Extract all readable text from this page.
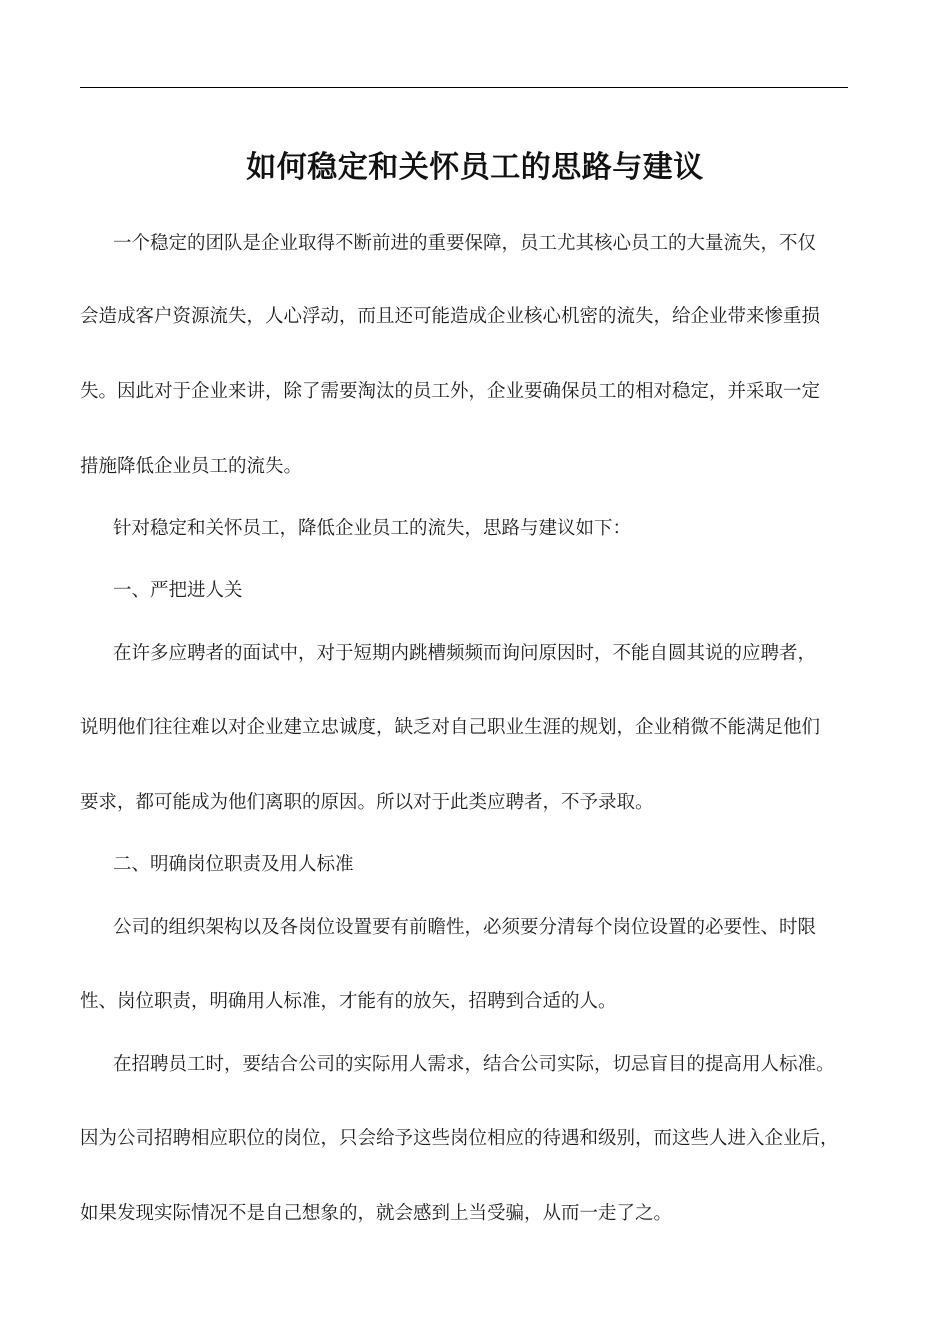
如何稳定和关怀员工的思路与建议
一个稳定的团队是企业取得不断前进的重要保障，员工尤其核心员工的大量流失，不仅
会造成客户资源流失，人心浮动，而且还可能造成企业核心机密的流失，给企业带来惨重损
失。因此对于企业来讲，除了需要淘汰的员工外，企业要确保员工的相对稳定，并采取一定
措施降低企业员工的流失。
针对稳定和关怀员工，降低企业员工的流失，思路与建议如下：
一、严把进人关
在许多应聘者的面试中，对于短期内跳槽频频而询问原因时，不能自圆其说的应聘者，
说明他们往往难以对企业建立忠诚度，缺乏对自己职业生涯的规划，企业稍微不能满足他们
要求，都可能成为他们离职的原因。所以对于此类应聘者，不予录取。
二、明确岗位职责及用人标准
公司的组织架构以及各岗位设置要有前瞻性，必须要分清每个岗位设置的必要性、时限
性、岗位职责，明确用人标准，才能有的放矢，招聘到合适的人。
在招聘员工时，要结合公司的实际用人需求，结合公司实际，切忌盲目的提高用人标准。
因为公司招聘相应职位的岗位，只会给予这些岗位相应的待遇和级别，而这些人进入企业后，
如果发现实际情况不是自己想象的，就会感到上当受骗，从而一走了之。
